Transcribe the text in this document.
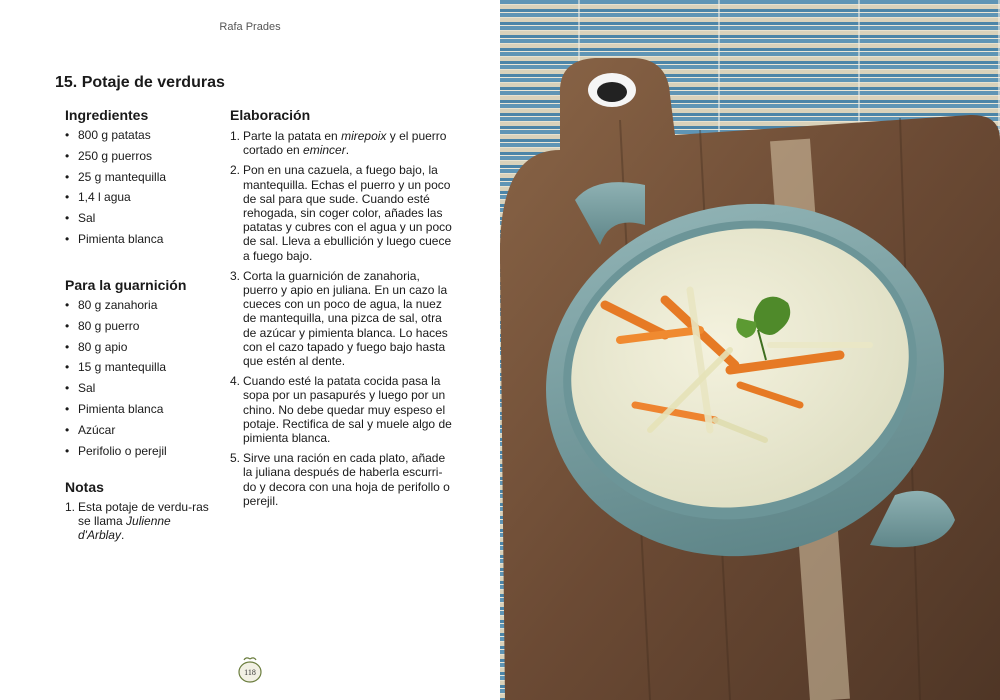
Rafa Prades
15. Potaje de verduras
Ingredientes
• 800 g patatas
• 250 g puerros
• 25 g mantequilla
• 1,4 l agua
• Sal
• Pimienta blanca
Para la guarnición
• 80 g zanahoria
• 80 g puerro
• 80 g apio
• 15 g mantequilla
• Sal
• Pimienta blanca
• Azúcar
• Perifolio o perejil
Notas
1. Esta potaje de verdu-ras se llama Julienne d'Arblay.
Elaboración
1. Parte la patata en mirepoix y el puerro cortado en emincer.
2. Pon en una cazuela, a fuego bajo, la mantequilla. Echas el puerro y un poco de sal para que sude. Cuando esté rehogada, sin coger color, añades las patatas y cubres con el agua y un poco de sal. Lleva a ebullición y luego cuece a fuego bajo.
3. Corta la guarnición de zanahoria, puerro y apio en juliana. En un cazo la cueces con un poco de agua, la nuez de mantequilla, una pizca de sal, otra de azúcar y pimienta blanca. Lo haces con el cazo tapado y fuego bajo hasta que estén al dente.
4. Cuando esté la patata cocida pasa la sopa por un pasapurés y luego por un chino. No debe quedar muy espeso el potaje. Rectifica de sal y muele algo de pimienta blanca.
5. Sirve una ración en cada plato, añade la juliana después de haberla escurri-do y decora con una hoja de perifollo o perejil.
118
